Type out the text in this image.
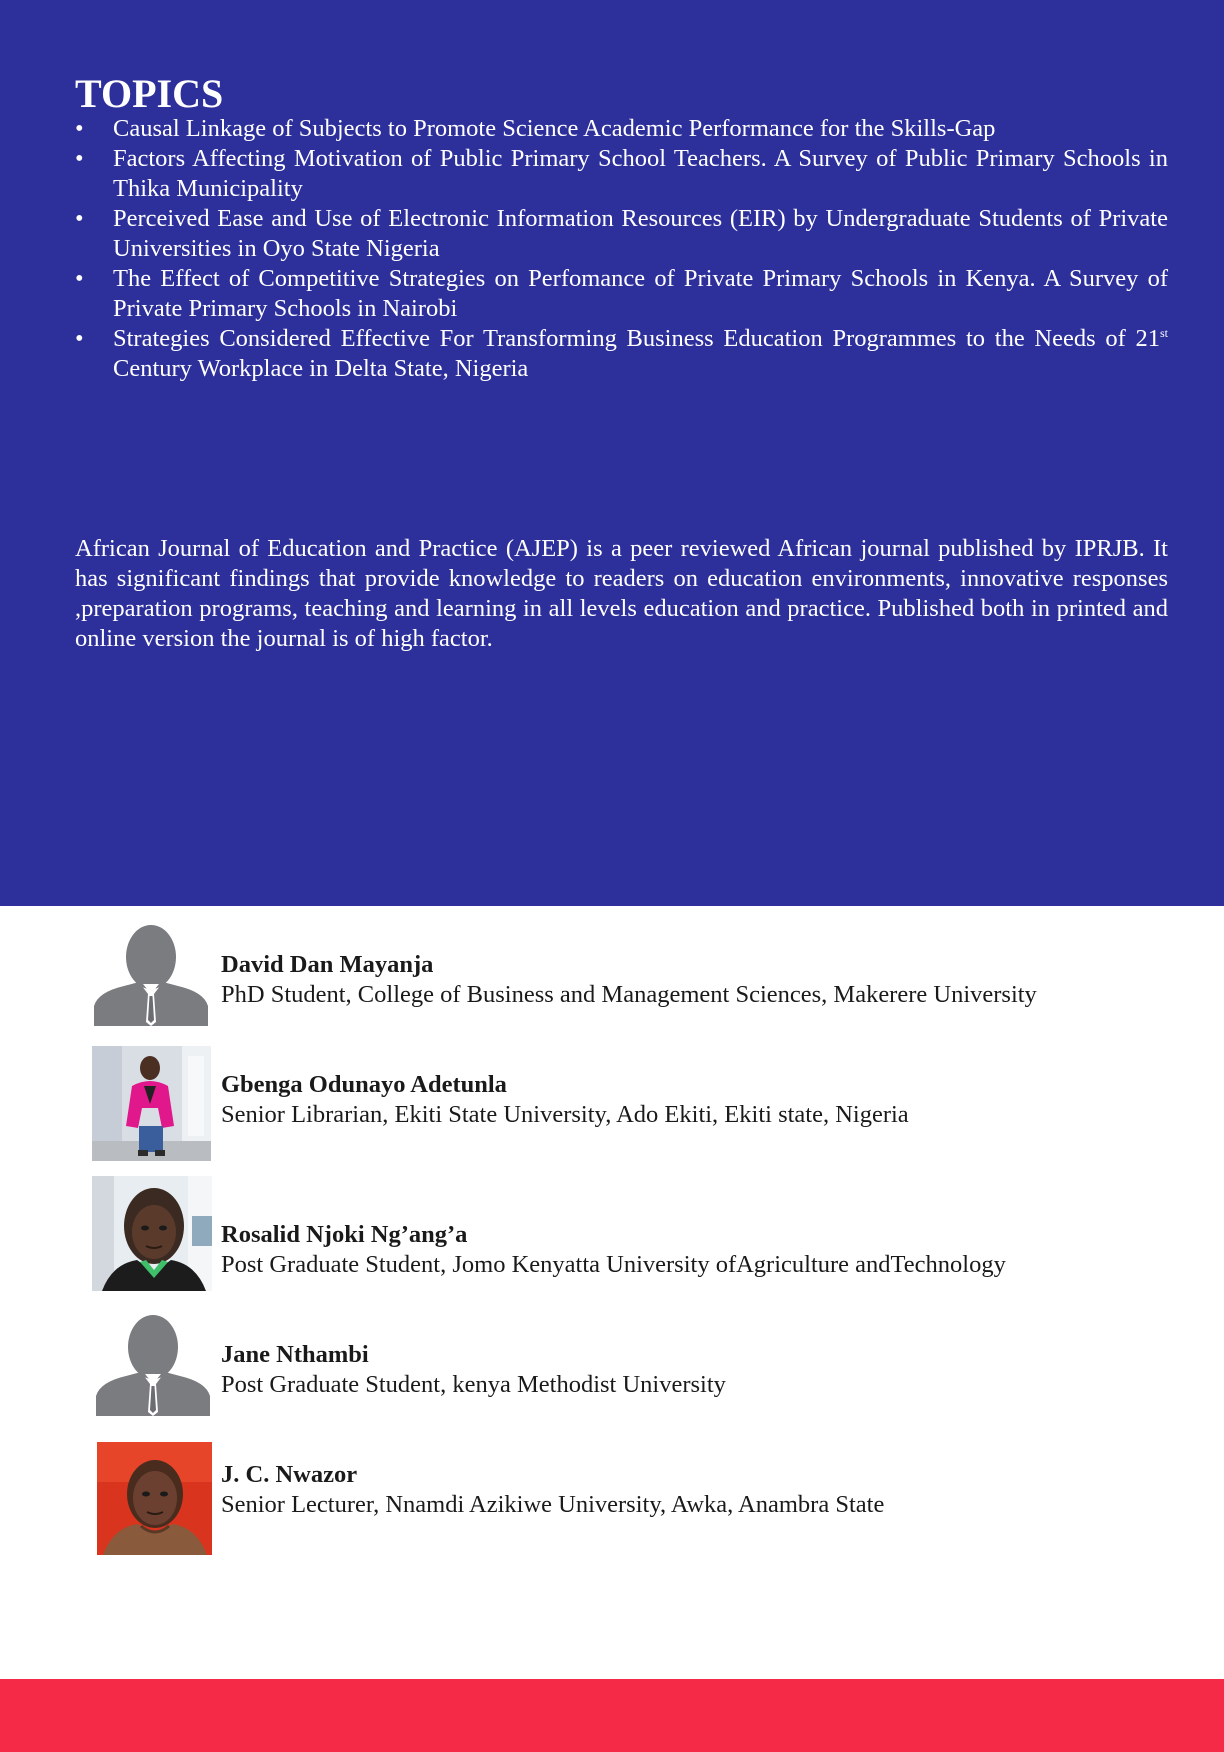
TOPICS
•	Causal Linkage of Subjects to Promote Science Academic Performance for the Skills-Gap
•	Factors Affecting Motivation of Public Primary School Teachers. A Survey of Public Primary Schools in Thika Municipality
•	Perceived Ease and Use of Electronic Information Resources (EIR) by Undergraduate Students of Private Universities in Oyo State Nigeria
•	The Effect of Competitive Strategies on Perfomance of Private Primary Schools in Kenya. A Survey of Private Primary Schools in Nairobi
•	Strategies Considered Effective For Transforming Business Education Programmes to the Needs of 21st Century Workplace in Delta State, Nigeria

African Journal of Education and Practice (AJEP) is a peer reviewed African journal published by IPRJB. It has significant findings that provide knowledge to readers on education environments, innovative responses ,preparation programs, teaching and learning in all levels education and practice. Published both in printed and online version the journal is of high factor.

David Dan Mayanja
PhD Student, College of Business and Management Sciences, Makerere University
Gbenga Odunayo Adetunla
Senior Librarian, Ekiti State University, Ado Ekiti, Ekiti state, Nigeria
Rosalid Njoki Ng’ang’a
Post Graduate Student, Jomo Kenyatta University ofAgriculture andTechnology
Jane Nthambi
Post Graduate Student, kenya Methodist University
J. C. Nwazor
Senior Lecturer, Nnamdi Azikiwe University, Awka, Anambra State
